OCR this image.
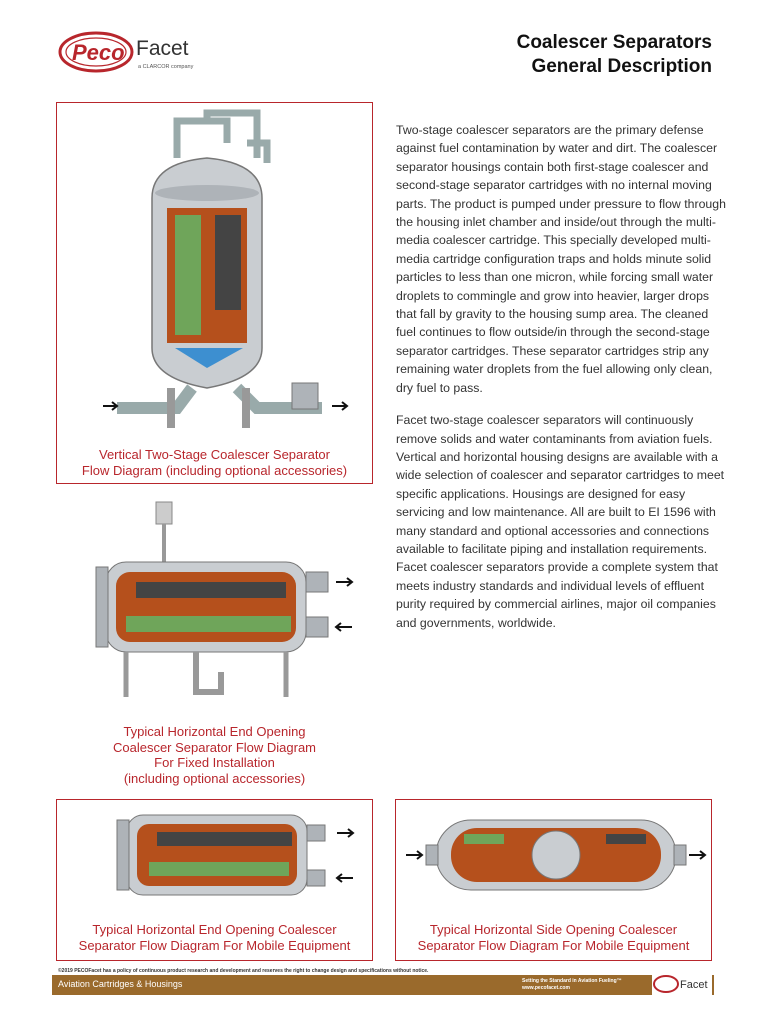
Peco Facet
a CLARCOR company
Coalescer Separators
General Description
Vertical Two-Stage Coalescer Separator
Flow Diagram (including optional accessories)
Typical Horizontal End Opening
Coalescer Separator Flow Diagram
For Fixed Installation
(including optional accessories)

Two-stage coalescer separators are the primary defense against fuel contamination by water and dirt. The coalescer separator housings contain both first-stage coalescer and second-stage separator cartridges with no internal moving parts. The product is pumped under pressure to flow through the housing inlet chamber and inside/out through the multi-media coalescer cartridge. This specially developed multi-media cartridge configuration traps and holds minute solid particles to less than one micron, while forcing small water droplets to commingle and grow into heavier, larger drops that fall by gravity to the housing sump area. The cleaned fuel continues to flow outside/in through the second-stage separator cartridges. These separator cartridges strip any remaining water droplets from the fuel allowing only clean, dry fuel to pass.

Facet two-stage coalescer separators will continuously remove solids and water contaminants from aviation fuels. Vertical and horizontal housing designs are available with a wide selection of coalescer and separator cartridges to meet specific applications. Housings are designed for easy servicing and low maintenance. All are built to EI 1596 with many standard and optional accessories and connections available to facilitate piping and installation requirements. Facet coalescer separators provide a complete system that meets industry standards and individual levels of effluent purity required by commercial airlines, major oil companies and governments, worldwide.

Typical Horizontal End Opening Coalescer
Separator Flow Diagram For Mobile Equipment
Typical Horizontal Side Opening Coalescer
Separator Flow Diagram For Mobile Equipment
©2019 PECOFacet has a policy of continuous product research and development and reserves the right to change design and specifications without notice.
Aviation Cartridges & Housings	Setting the Standard in Aviation Fueling™
www.pecofacet.com	Facet
